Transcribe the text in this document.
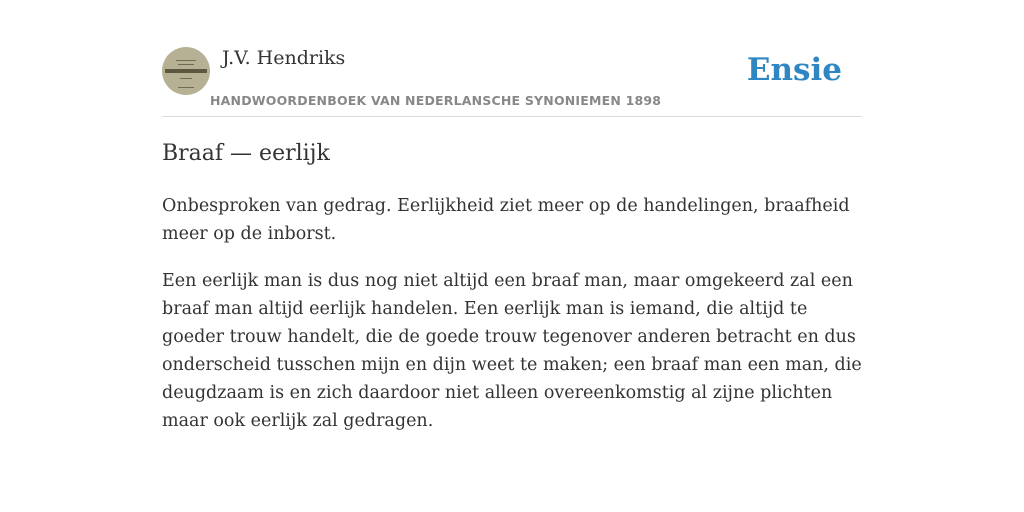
J.V. Hendriks
HANDWOORDENBOEK VAN NEDERLANSCHE SYNONIEMEN 1898
Ensie
Braaf — eerlijk

Onbesproken van gedrag. Eerlijkheid ziet meer op de handelingen, braafheid meer op de inborst.

Een eerlijk man is dus nog niet altijd een braaf man, maar omgekeerd zal een braaf man altijd eerlijk handelen. Een eerlijk man is iemand, die altijd te goeder trouw handelt, die de goede trouw tegenover anderen betracht en dus onderscheid tusschen mijn en dijn weet te maken; een braaf man een man, die deugdzaam is en zich daardoor niet alleen overeenkomstig al zijne plichten maar ook eerlijk zal gedragen.
